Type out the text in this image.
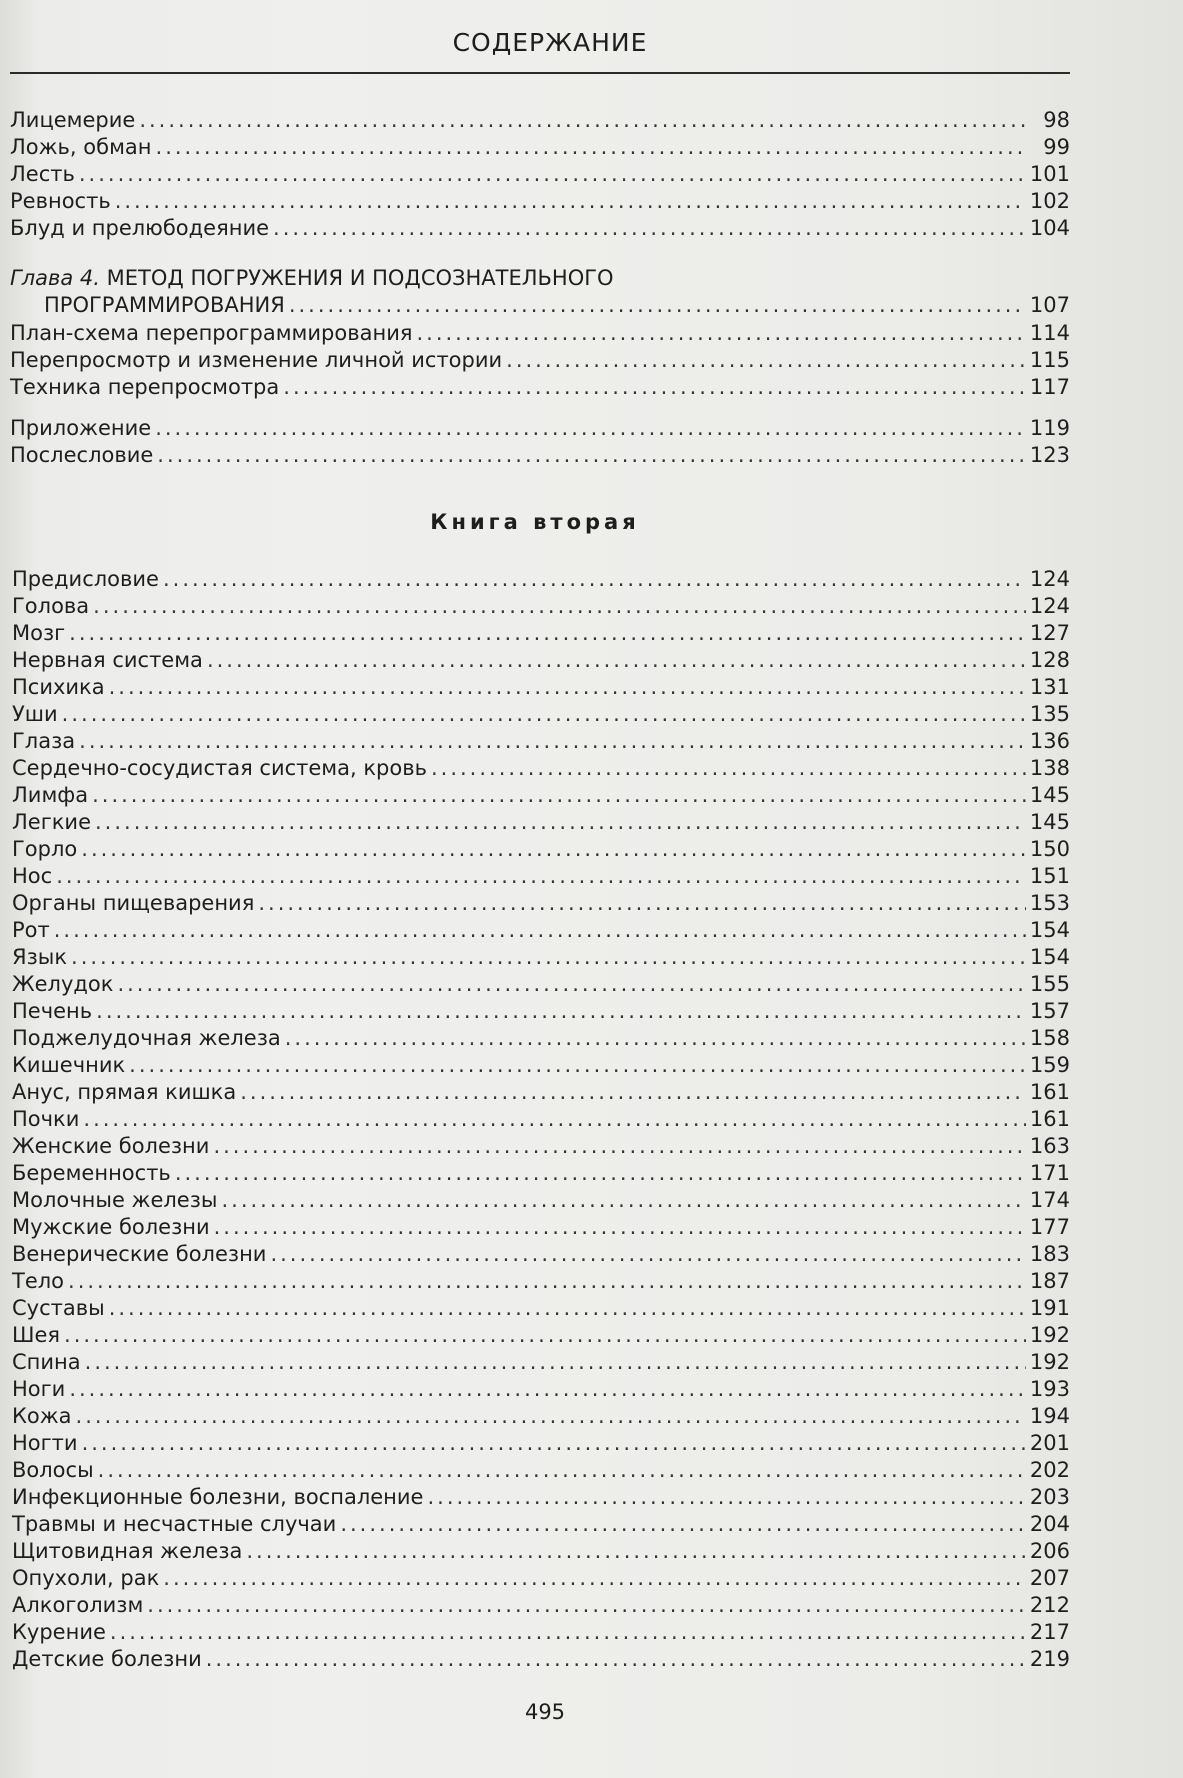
СОДЕРЖАНИЕ
Лицемерие .....	98
Ложь, обман .....	99
Лесть .....	101
Ревность .....	102
Блуд и прелюбодеяние .....	104
Глава 4. МЕТОД ПОГРУЖЕНИЯ И ПОДСОЗНАТЕЛЬНОГО
ПРОГРАММИРОВАНИЯ .....	107
План-схема перепрограммирования .....	114
Перепросмотр и изменение личной истории .....	115
Техника перепросмотра .....	117
Приложение .....	119
Послесловие .....	123
Книга вторая
Предисловие .....	124
Голова .....	124
Мозг .....	127
Нервная система .....	128
Психика .....	131
Уши .....	135
Глаза .....	136
Сердечно-сосудистая система, кровь .....	138
Лимфа .....	145
Легкие .....	145
Горло .....	150
Нос .....	151
Органы пищеварения .....	153
Рот .....	154
Язык .....	154
Желудок .....	155
Печень .....	157
Поджелудочная железа .....	158
Кишечник .....	159
Анус, прямая кишка .....	161
Почки .....	161
Женские болезни .....	163
Беременность .....	171
Молочные железы .....	174
Мужские болезни .....	177
Венерические болезни .....	183
Тело .....	187
Суставы .....	191
Шея .....	192
Спина .....	192
Ноги .....	193
Кожа .....	194
Ногти .....	201
Волосы .....	202
Инфекционные болезни, воспаление .....	203
Травмы и несчастные случаи .....	204
Щитовидная железа .....	206
Опухоли, рак .....	207
Алкоголизм .....	212
Курение .....	217
Детские болезни .....	219
495
